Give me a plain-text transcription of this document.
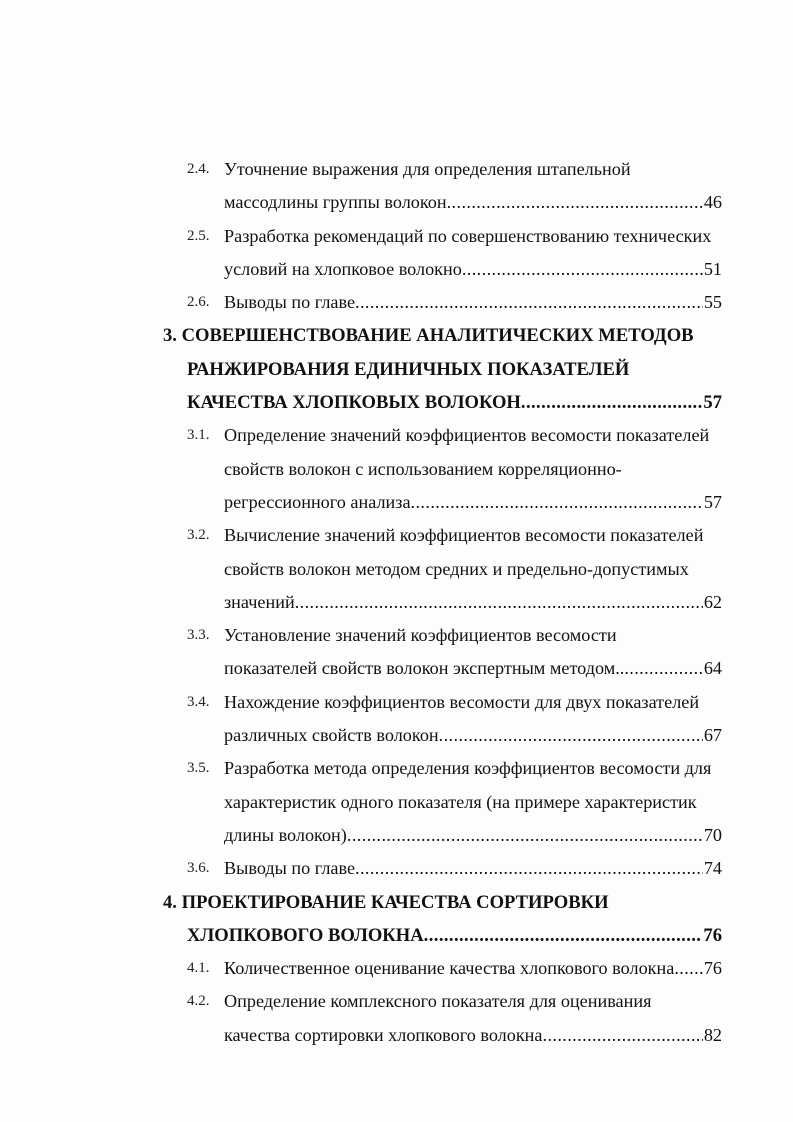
2.4. Уточнение выражения для определения штапельной
массодлины группы волокон .....	46
2.5. Разработка рекомендаций по совершенствованию технических
условий на хлопковое волокно .....	51
2.6. Выводы по главе .....	55
3.
СОВЕРШЕНСТВОВАНИЕ АНАЛИТИЧЕСКИХ МЕТОДОВ
РАНЖИРОВАНИЯ ЕДИНИЧНЫХ ПОКАЗАТЕЛЕЙ
КАЧЕСТВА ХЛОПКОВЫХ ВОЛОКОН .....	57
3.1. Определение значений коэффициентов весомости показателей
свойств волокон с использованием корреляционно-
регрессионного анализа .....	57
3.2. Вычисление значений коэффициентов весомости показателей
свойств волокон методом средних и предельно-допустимых
значений .....	62
3.3. Установление значений коэффициентов весомости
показателей свойств волокон экспертным методом.. .....	64
3.4. Нахождение коэффициентов весомости для двух показателей
различных свойств волокон .....	67
3.5. Разработка метода определения коэффициентов весомости для
характеристик одного показателя (на примере характеристик
длины волокон) .....	70
3.6. Выводы по главе .....	74
4.
ПРОЕКТИРОВАНИЕ КАЧЕСТВА СОРТИРОВКИ
ХЛОПКОВОГО ВОЛОКНА .....	76
4.1. Количественное оценивание качества хлопкового волокна ..... 76
4.2. Определение комплексного показателя для оценивания
качества сортировки хлопкового волокна .....	82
